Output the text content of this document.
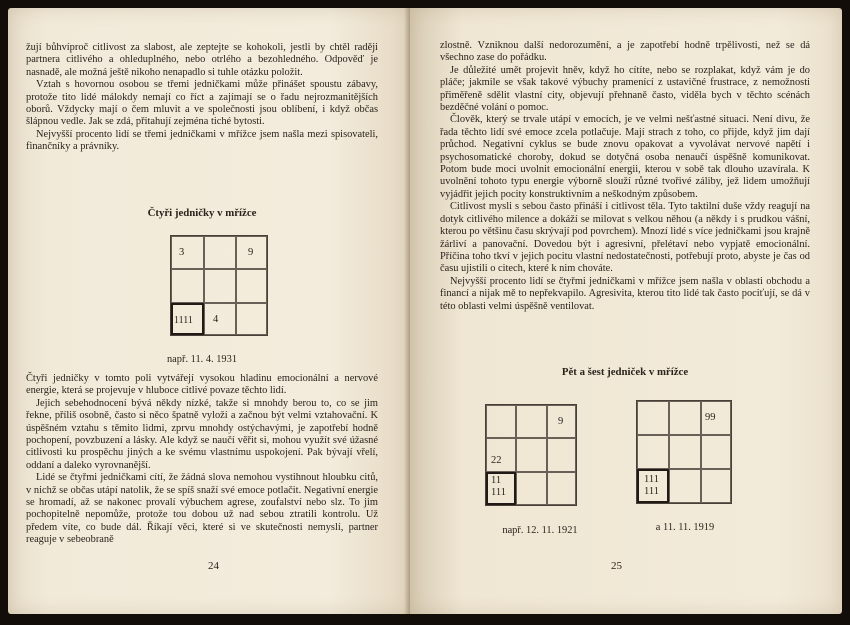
žují bůhvíproč citlivost za slabost, ale zeptejte se kohokoli, jestli by chtěl raději partnera citlivého a ohleduplného, nebo otrlého a bezohledného. Odpověď je nasnadě, ale možná ještě nikoho nenapadlo si tuhle otázku položit.

Vztah s hovornou osobou se třemi jedničkami může přinášet spoustu zábavy, protože tito lidé málokdy nemají co říct a zajímají se o řadu nejrozmanitějších oborů. Vždycky mají o čem mluvit a ve společnosti jsou oblíbení, i když občas šlápnou vedle. Jak se zdá, přitahují zejména tiché bytosti.

Nejvyšší procento lidí se třemi jedničkami v mřížce jsem našla mezi spisovateli, finančníky a právníky.

Čtyři jedničky v mřížce
3	9
1111 4
např. 11. 4. 1931

Čtyři jedničky v tomto poli vytvářejí vysokou hladinu emocionální a nervové energie, která se projevuje v hluboce citlivé povaze těchto lidí.

Jejich sebehodnocení bývá někdy nízké, takže si mnohdy berou to, co se jim řekne, příliš osobně, často si něco špatně vyloží a začnou být velmi vztahovační. K úspěšném vztahu s těmito lidmi, zprvu mnohdy ostýchavými, je zapotřebí hodně pochopení, povzbuzení a lásky. Ale když se naučí věřit si, mohou využít své úžasné citlivosti ku prospěchu jiných a ke svému vlastnímu uspokojení. Pak bývají vřelí, oddaní a daleko vyrovnanější.

Lidé se čtyřmi jedničkami cítí, že žádná slova nemohou vystihnout hloubku citů, v nichž se občas utápí natolik, že se spíš snaží své emoce potlačit. Negativní energie se hromadí, až se nakonec provalí výbuchem agrese, zoufalství nebo slz. To jim pochopitelně nepomůže, protože tou dobou už nad sebou ztratili kontrolu. Už předem víte, co bude dál. Říkají věci, které si ve skutečnosti nemyslí, partner reaguje v sebeobraně

24

zlostně. Vzniknou další nedorozumění, a je zapotřebí hodně trpělivosti, než se dá všechno zase do pořádku.

Je důležité umět projevit hněv, když ho cítíte, nebo se rozplakat, když vám je do pláče; jakmile se však takové výbuchy pramenící z ustavičné frustrace, z nemožnosti přiměřeně sdělit vlastní city, objevují přehnaně často, viděla bych v těchto scénách bezděčné volání o pomoc.

Člověk, který se trvale utápí v emocích, je ve velmi nešťastné situaci. Není divu, že řada těchto lidí své emoce zcela potlačuje. Mají strach z toho, co přijde, když jim dají průchod. Negativní cyklus se bude znovu opakovat a vyvolávat nervové napětí i psychosomatické choroby, dokud se dotyčná osoba nenaučí úspěšně komunikovat. Potom bude moci uvolnit emocionální energii, kterou v sobě tak dlouho uzavírala. K uvolnění tohoto typu energie výborně slouží různé tvořivé záliby, jež lidem umožňují vyjádřit jejich pocity konstruktivním a neškodným způsobem.

Citlivost mysli s sebou často přináší i citlivost těla. Tyto taktilní duše vždy reagují na dotyk citlivého milence a dokáží se milovat s velkou něhou (a někdy i s prudkou vášní, kterou po většinu času skrývají pod povrchem). Mnozí lidé s více jedničkami jsou krajně žárliví a panovační. Dovedou být i agresivní, přelétaví nebo vypjatě emocionální. Příčina toho tkví v jejich pocitu vlastní nedostatečnosti, potřebují proto, abyste je čas od času ujistili o citech, které k nim chováte.

Nejvyšší procento lidí se čtyřmi jedničkami v mřížce jsem našla v oblasti obchodu a financí a nijak mě to nepřekvapilo. Agresivita, kterou tito lidé tak často pociťují, se dá v této oblasti velmi úspěšně ventilovat.

Pět a šest jedniček v mřížce
9
22
11
111
99
111
111
např. 12. 11. 1921	a 11. 11. 1919
25
